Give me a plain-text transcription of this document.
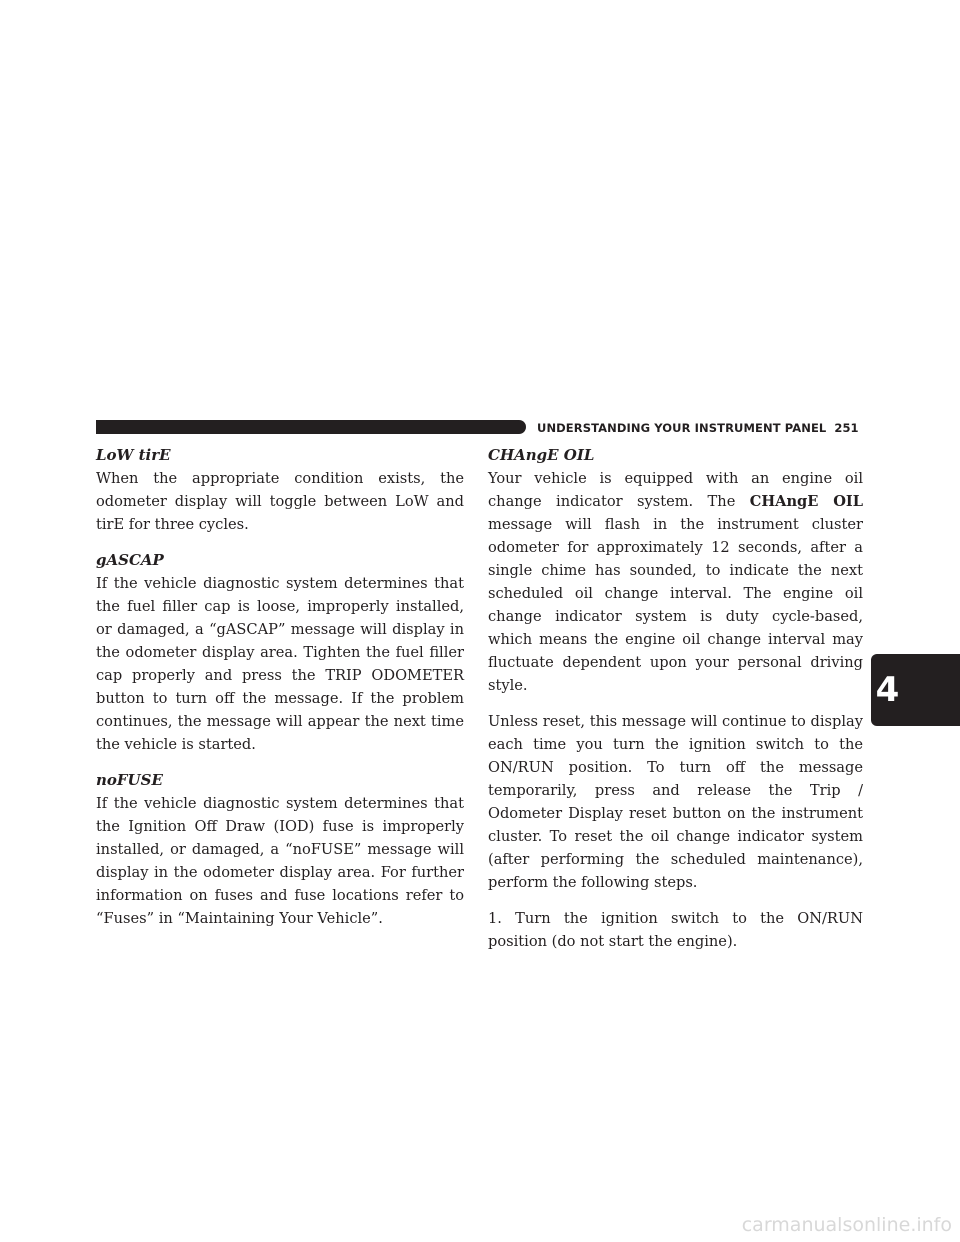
UNDERSTANDING YOUR INSTRUMENT PANEL 251
4
LoW tirE

When the appropriate condition exists, the odometer display will toggle between LoW and tirE for three cycles.

gASCAP

If the vehicle diagnostic system determines that the fuel filler cap is loose, improperly installed, or damaged, a “gASCAP” message will display in the odometer display area. Tighten the fuel filler cap properly and press the TRIP ODOMETER button to turn off the message. If the problem continues, the message will appear the next time the vehicle is started.

noFUSE

If the vehicle diagnostic system determines that the Ignition Off Draw (IOD) fuse is improperly installed, or damaged, a “noFUSE” message will display in the odometer display area. For further information on fuses and fuse locations refer to “Fuses” in “Maintaining Your Vehicle”.

CHAngE OIL

Your vehicle is equipped with an engine oil change indicator system. The CHAngE OIL message will flash in the instrument cluster odometer for approximately 12 seconds, after a single chime has sounded, to indicate the next scheduled oil change interval. The engine oil change indicator system is duty cycle-based, which means the engine oil change interval may fluctuate dependent upon your personal driving style.

Unless reset, this message will continue to display each time you turn the ignition switch to the ON/RUN position. To turn off the message temporarily, press and release the Trip / Odometer Display reset button on the instrument cluster. To reset the oil change indicator system (after performing the scheduled maintenance), perform the following steps.

1. Turn the ignition switch to the ON/RUN position (do not start the engine).

carmanualsonline.info
